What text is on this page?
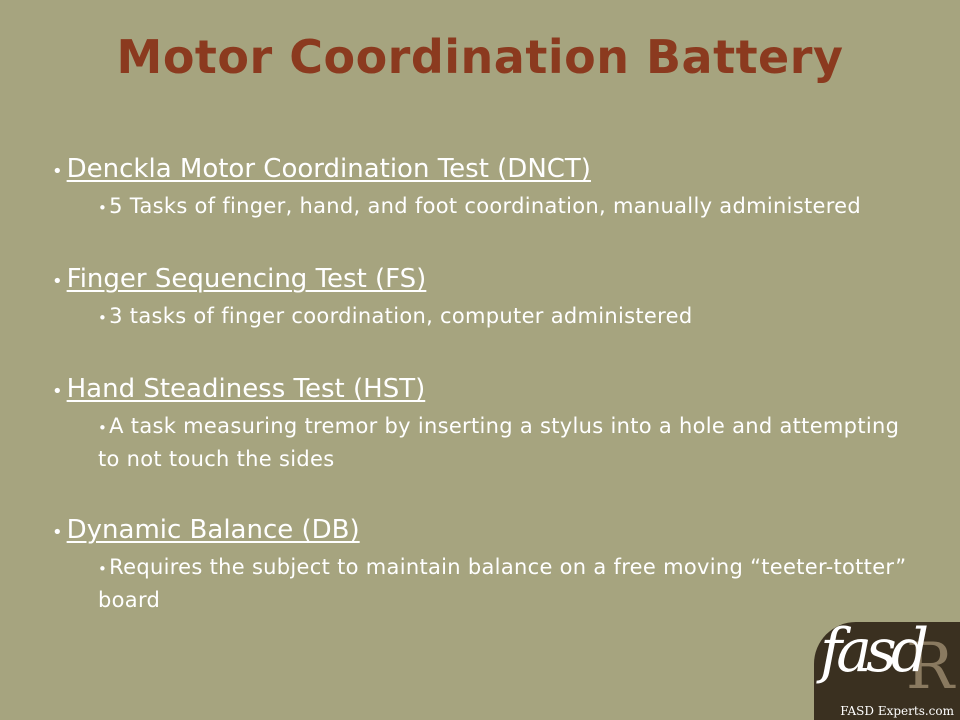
Motor Coordination Battery
• Denckla Motor Coordination Test (DNCT)
•5 Tasks of finger, hand, and foot coordination, manually administered
• Finger Sequencing Test (FS)
•3 tasks of finger coordination, computer administered
• Hand Steadiness Test (HST)
•A task measuring tremor by inserting a stylus into a hole and attempting to not touch the sides
• Dynamic Balance (DB)
•Requires the subject to maintain balance on a free moving “teeter-totter” board
R
fasd
FASD Experts.com
